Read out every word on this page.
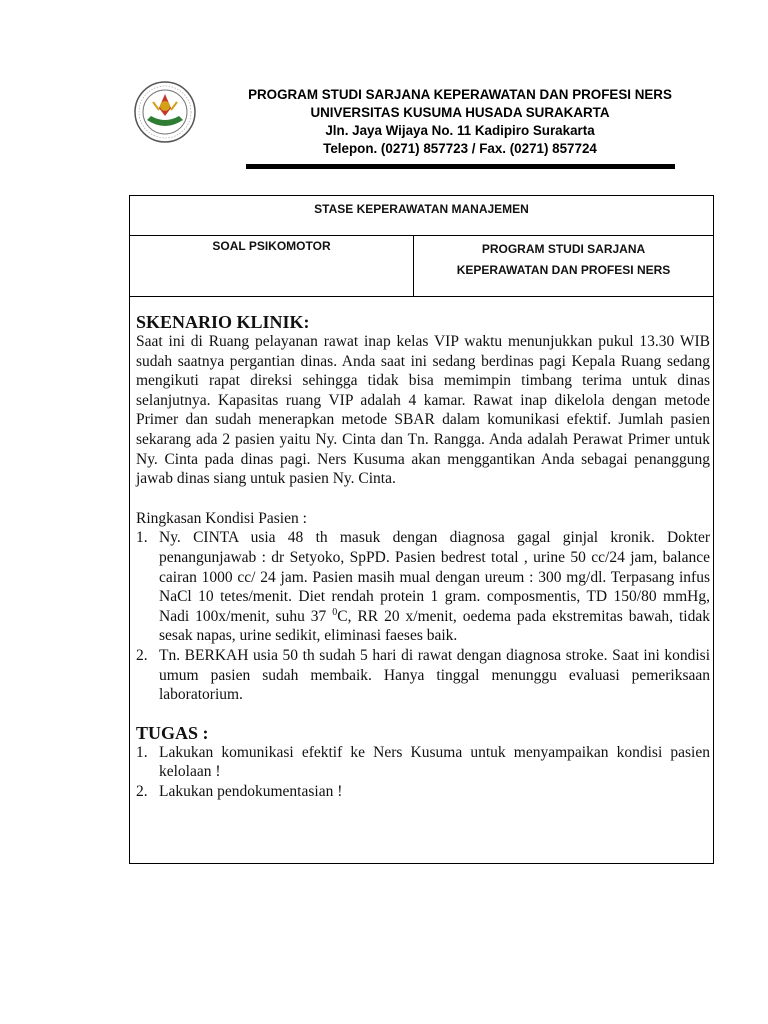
PROGRAM STUDI SARJANA KEPERAWATAN DAN PROFESI NERS
UNIVERSITAS KUSUMA HUSADA SURAKARTA
Jln. Jaya Wijaya No. 11 Kadipiro Surakarta
Telepon. (0271) 857723 / Fax. (0271) 857724
STASE KEPERAWATAN MANAJEMEN
SOAL PSIKOMOTOR	PROGRAM STUDI SARJANA
KEPERAWATAN DAN PROFESI NERS

SKENARIO KLINIK:

Saat ini di Ruang pelayanan rawat inap kelas VIP waktu menunjukkan pukul 13.30 WIB sudah saatnya pergantian dinas. Anda saat ini sedang berdinas pagi Kepala Ruang sedang mengikuti rapat direksi sehingga tidak bisa memimpin timbang terima untuk dinas selanjutnya. Kapasitas ruang VIP adalah 4 kamar. Rawat inap dikelola dengan metode Primer dan sudah menerapkan metode SBAR dalam komunikasi efektif. Jumlah pasien sekarang ada 2 pasien yaitu Ny. Cinta dan Tn. Rangga. Anda adalah Perawat Primer untuk Ny. Cinta pada dinas pagi. Ners Kusuma akan menggantikan Anda sebagai penanggung jawab dinas siang untuk pasien Ny. Cinta.

Ringkasan Kondisi Pasien :

1. Ny. CINTA usia 48 th masuk dengan diagnosa gagal ginjal kronik. Dokter penangunjawab : dr Setyoko, SpPD. Pasien bedrest total , urine 50 cc/24 jam, balance cairan 1000 cc/ 24 jam. Pasien masih mual dengan ureum : 300 mg/dl. Terpasang infus NaCl 10 tetes/menit. Diet rendah protein 1 gram. composmentis, TD 150/80 mmHg, Nadi 100x/menit, suhu 37 $^0$C, RR 20 x/menit, oedema pada ekstremitas bawah, tidak sesak napas, urine sedikit, eliminasi faeses baik.
2. Tn. BERKAH usia 50 th sudah 5 hari di rawat dengan diagnosa stroke. Saat ini kondisi umum pasien sudah membaik. Hanya tinggal menunggu evaluasi pemeriksaan laboratorium.

TUGAS :

1. Lakukan komunikasi efektif ke Ners Kusuma untuk menyampaikan kondisi pasien kelolaan !
2. Lakukan pendokumentasian !
